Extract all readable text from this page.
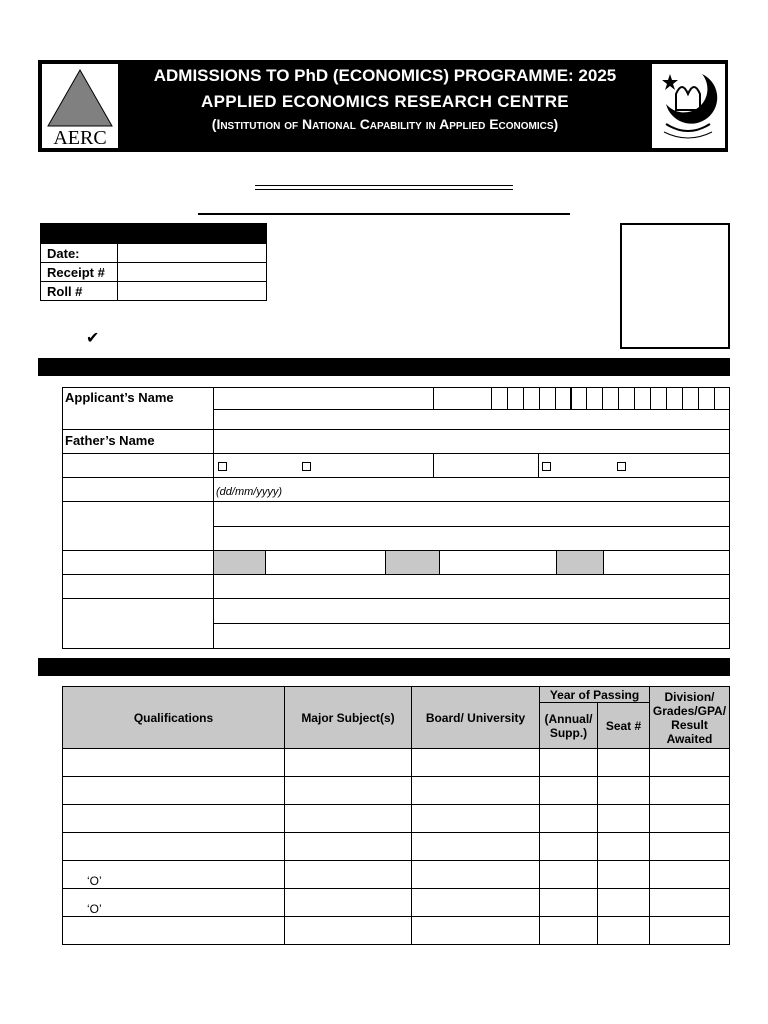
AERC
ADMISSIONS TO PhD (ECONOMICS) PROGRAMME: 2025
APPLIED ECONOMICS RESEARCH CENTRE
(Institution of National Capability in Applied Economics)
Date:	
Receipt #	
Roll #	
✔
Applicant’s Name
Father’s Name
(dd/mm/yyyy)
Qualifications	Major Subject(s)	Board/ University	Year of Passing		Division/ Grades/GPA/ Result Awaited
			(Annual/ Supp.)	Seat #	

‘O’					
‘O’					
